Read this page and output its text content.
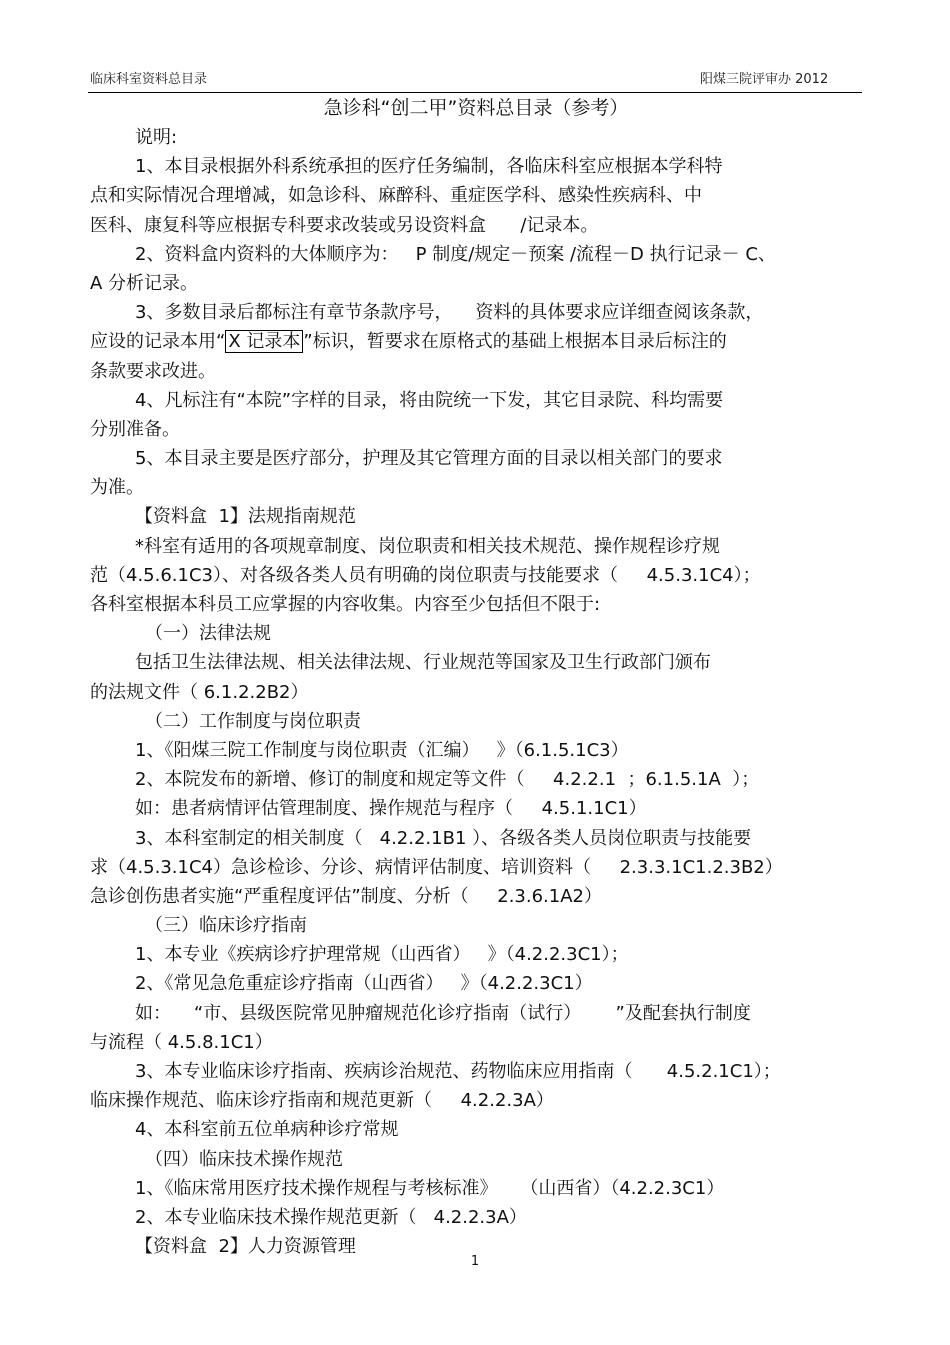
临床科室资料总目录	阳煤三院评审办 2012
急诊科“创二甲”资料总目录（参考）
说明:
1、本目录根据外科系统承担的医疗任务编制，各临床科室应根据本学科特
点和实际情况合理增减，如急诊科、麻醉科、重症医学科、感染性疾病科、中
医科、康复科等应根据专科要求改装或另设资料盒      /记录本。
2、资料盒内资料的大体顺序为：   P 制度/规定－预案 /流程－D 执行记录－ C、
A 分析记录。
3、多数目录后都标注有章节条款序号，    资料的具体要求应详细查阅该条款，
应设的记录本用“ X 记录本 ”标识，暂要求在原格式的基础上根据本目录后标注的
条款要求改进。
4、凡标注有“本院”字样的目录，将由院统一下发，其它目录院、科均需要
分别准备。
5、本目录主要是医疗部分，护理及其它管理方面的目录以相关部门的要求
为准。
【资料盒  1】法规指南规范
*科室有适用的各项规章制度、岗位职责和相关技术规范、操作规程诊疗规
范（4.5.6.1C3）、对各级各类人员有明确的岗位职责与技能要求（     4.5.3.1C4）；
各科室根据本科员工应掌握的内容收集。内容至少包括但不限于:
（一）法律法规
包括卫生法律法规、相关法律法规、行业规范等国家及卫生行政部门颁布
的法规文件（ 6.1.2.2B2）
（二）工作制度与岗位职责
1、《阳煤三院工作制度与岗位职责（汇编）   》（6.1.5.1C3）
2、本院发布的新增、修订的制度和规定等文件（     4.2.2.1  ；6.1.5.1A  ）；
如：患者病情评估管理制度、操作规范与程序（     4.5.1.1C1）
3、本科室制定的相关制度（   4.2.2.1B1 ）、各级各类人员岗位职责与技能要
求（4.5.3.1C4）急诊检诊、分诊、病情评估制度、培训资料（     2.3.3.1C1.2.3B2）
急诊创伤患者实施“严重程度评估”制度、分析（     2.3.6.1A2）
（三）临床诊疗指南
1、本专业《疾病诊疗护理常规（山西省）   》（4.2.2.3C1）；
2、《常见急危重症诊疗指南（山西省）   》（4.2.2.3C1）
如：    “市、县级医院常见肿瘤规范化诊疗指南（试行）      ”及配套执行制度
与流程（ 4.5.8.1C1）
3、本专业临床诊疗指南、疾病诊治规范、药物临床应用指南（      4.5.2.1C1）；
临床操作规范、临床诊疗指南和规范更新（     4.2.2.3A）
4、本科室前五位单病种诊疗常规
（四）临床技术操作规范
1、《临床常用医疗技术操作规程与考核标准》    （山西省）（4.2.2.3C1）
2、本专业临床技术操作规范更新（   4.2.2.3A）
【资料盒  2】人力资源管理
1
